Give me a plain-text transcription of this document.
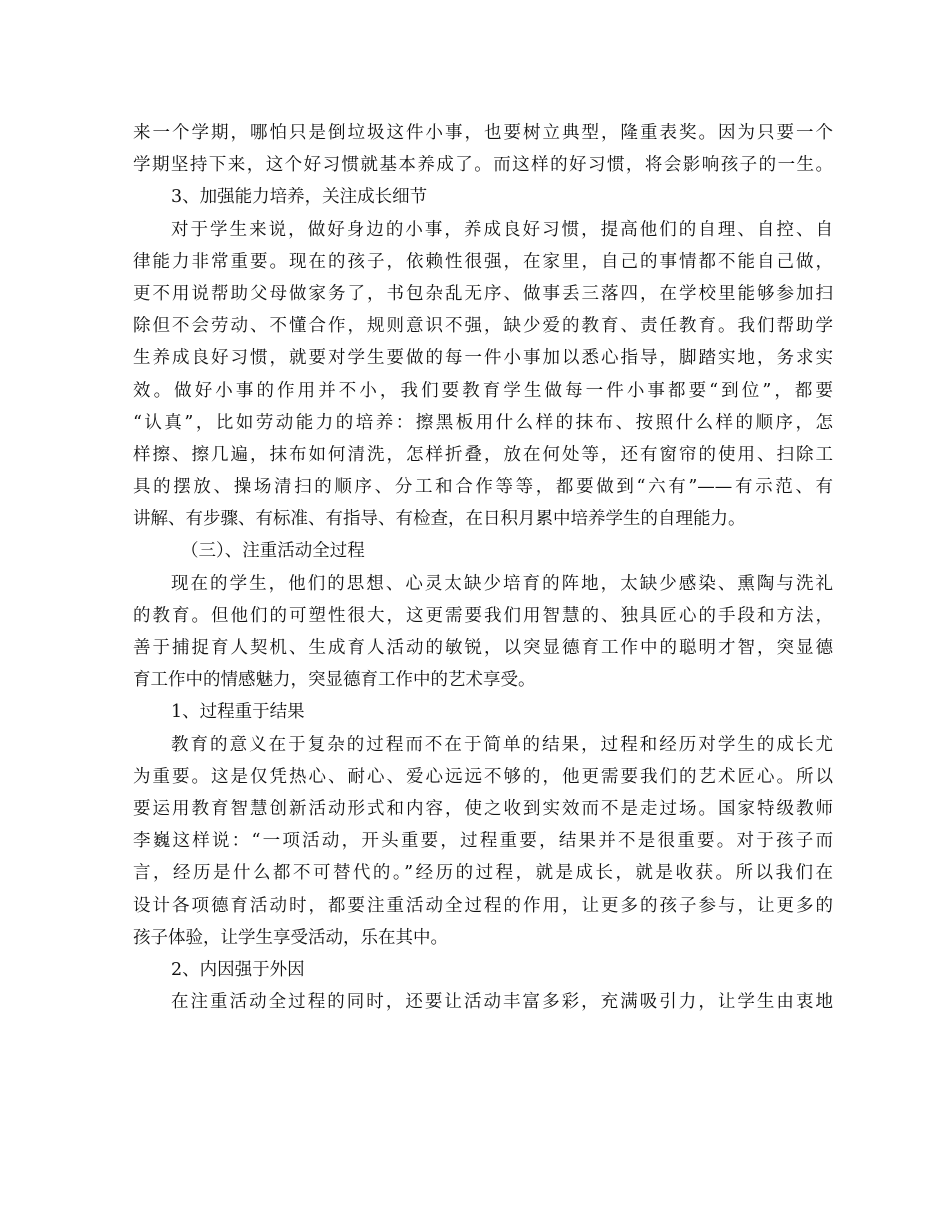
来一个学期，哪怕只是倒垃圾这件小事，也要树立典型，隆重表奖。因为只要一个
学期坚持下来，这个好习惯就基本养成了。而这样的好习惯，将会影响孩子的一生。
3、加强能力培养，关注成长细节
对于学生来说，做好身边的小事，养成良好习惯，提高他们的自理、自控、自
律能力非常重要。现在的孩子，依赖性很强，在家里，自己的事情都不能自己做，
更不用说帮助父母做家务了，书包杂乱无序、做事丢三落四，在学校里能够参加扫
除但不会劳动、不懂合作，规则意识不强，缺少爱的教育、责任教育。我们帮助学
生养成良好习惯，就要对学生要做的每一件小事加以悉心指导，脚踏实地，务求实
效。做好小事的作用并不小，我们要教育学生做每一件小事都要“到位”，都要
“认真”，比如劳动能力的培养：擦黑板用什么样的抹布、按照什么样的顺序，怎
样擦、擦几遍，抹布如何清洗，怎样折叠，放在何处等，还有窗帘的使用、扫除工
具的摆放、操场清扫的顺序、分工和合作等等，都要做到“六有”——有示范、有
讲解、有步骤、有标准、有指导、有检查，在日积月累中培养学生的自理能力。
（三）、注重活动全过程
现在的学生，他们的思想、心灵太缺少培育的阵地，太缺少感染、熏陶与洗礼
的教育。但他们的可塑性很大，这更需要我们用智慧的、独具匠心的手段和方法，
善于捕捉育人契机、生成育人活动的敏锐，以突显德育工作中的聪明才智，突显德
育工作中的情感魅力，突显德育工作中的艺术享受。
1、过程重于结果
教育的意义在于复杂的过程而不在于简单的结果，过程和经历对学生的成长尤
为重要。这是仅凭热心、耐心、爱心远远不够的，他更需要我们的艺术匠心。所以
要运用教育智慧创新活动形式和内容，使之收到实效而不是走过场。国家特级教师
李巍这样说：“一项活动，开头重要，过程重要，结果并不是很重要。对于孩子而
言，经历是什么都不可替代的。”经历的过程，就是成长，就是收获。所以我们在
设计各项德育活动时，都要注重活动全过程的作用，让更多的孩子参与，让更多的
孩子体验，让学生享受活动，乐在其中。
2、内因强于外因
在注重活动全过程的同时，还要让活动丰富多彩，充满吸引力，让学生由衷地
